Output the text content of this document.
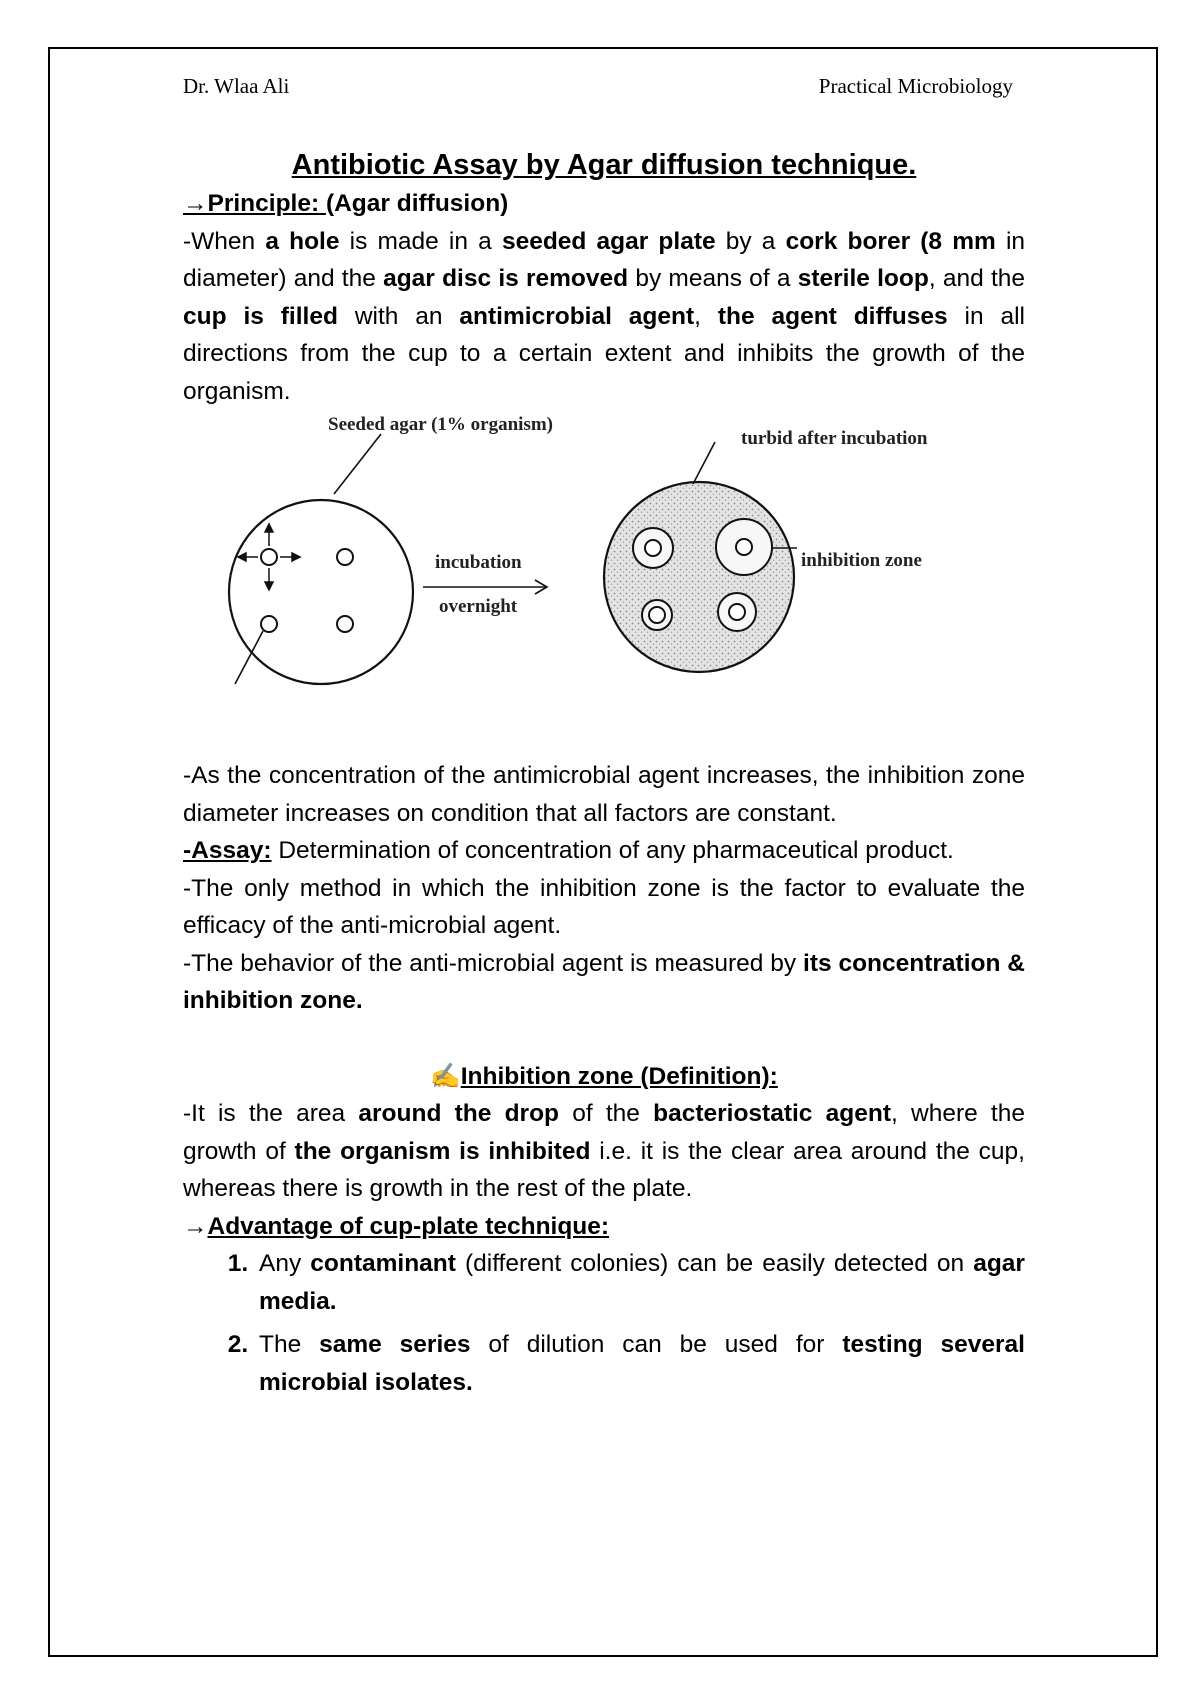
Dr. Wlaa Ali	Practical Microbiology
Antibiotic Assay by Agar diffusion technique.
→Principle: (Agar diffusion)
-When a hole is made in a seeded agar plate by a cork borer (8 mm in diameter) and the agar disc is removed by means of a sterile loop, and the cup is filled with an antimicrobial agent, the agent diffuses in all directions from the cup to a certain extent and inhibits the growth of the organism.
Seeded agar (1% organism)
turbid after incubation
incubation
overnight
inhibition zone
-As the concentration of the antimicrobial agent increases, the inhibition zone diameter increases on condition that all factors are constant.
-Assay: Determination of concentration of any pharmaceutical product.
-The only method in which the inhibition zone is the factor to evaluate the efficacy of the anti-microbial agent.
-The behavior of the anti-microbial agent is measured by its concentration & inhibition zone.
✍Inhibition zone (Definition):
-It is the area around the drop of the bacteriostatic agent, where the growth of the organism is inhibited i.e. it is the clear area around the cup, whereas there is growth in the rest of the plate.
→Advantage of cup-plate technique:
1. Any contaminant (different colonies) can be easily detected on agar media.
2. The same series of dilution can be used for testing several microbial isolates.
